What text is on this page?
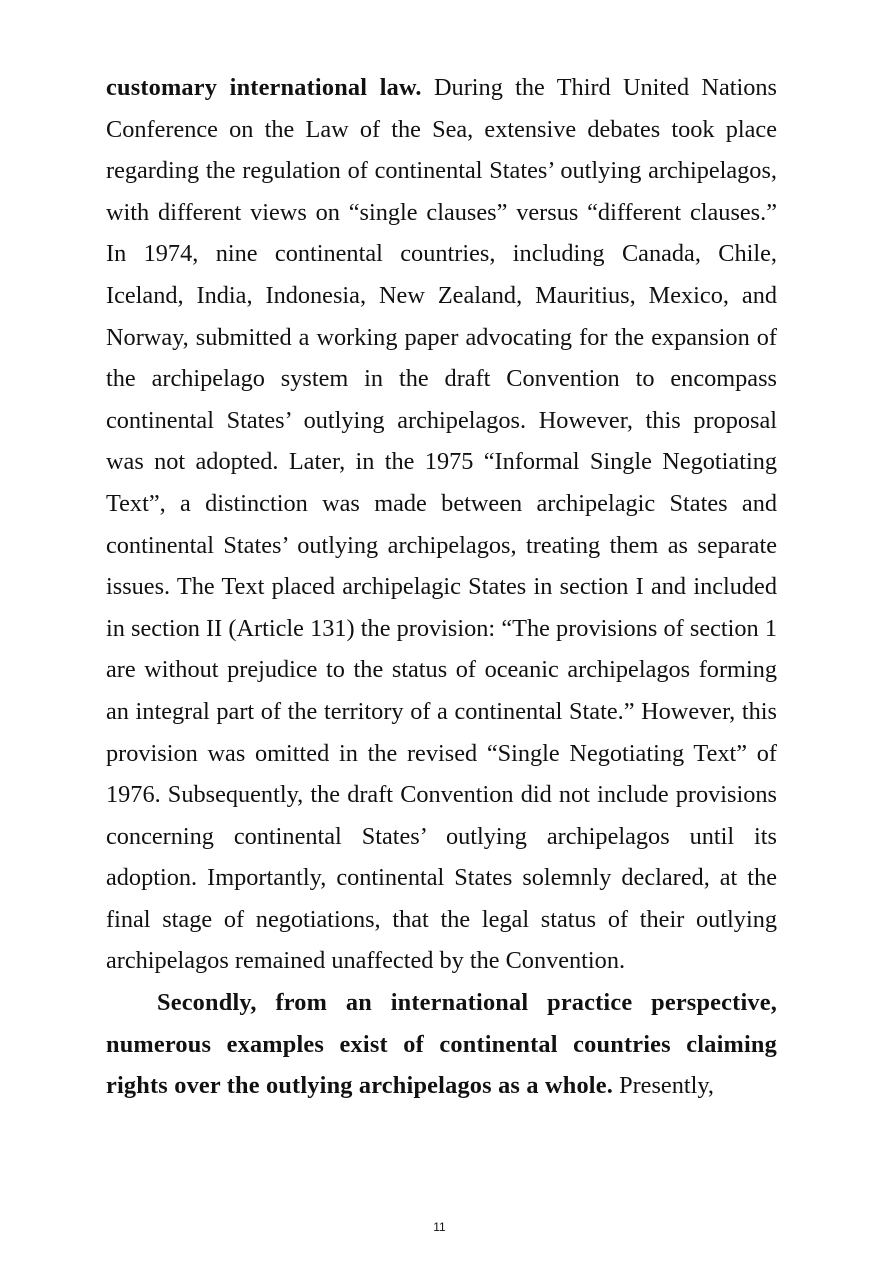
customary international law. During the Third United Nations Conference on the Law of the Sea, extensive debates took place regarding the regulation of continental States’ outlying archipelagos, with different views on “single clauses” versus “different clauses.” In 1974, nine continental countries, including Canada, Chile, Iceland, India, Indonesia, New Zealand, Mauritius, Mexico, and Norway, submitted a working paper advocating for the expansion of the archipelago system in the draft Convention to encompass continental States’ outlying archipelagos. However, this proposal was not adopted. Later, in the 1975 “Informal Single Negotiating Text”, a distinction was made between archipelagic States and continental States’ outlying archipelagos, treating them as separate issues. The Text placed archipelagic States in section I and included in section II (Article 131) the provision: “The provisions of section 1 are without prejudice to the status of oceanic archipelagos forming an integral part of the territory of a continental State.” However, this provision was omitted in the revised “Single Negotiating Text” of 1976. Subsequently, the draft Convention did not include provisions concerning continental States’ outlying archipelagos until its adoption. Importantly, continental States solemnly declared, at the final stage of negotiations, that the legal status of their outlying archipelagos remained unaffected by the Convention.

Secondly, from an international practice perspective, numerous examples exist of continental countries claiming rights over the outlying archipelagos as a whole. Presently,

11
